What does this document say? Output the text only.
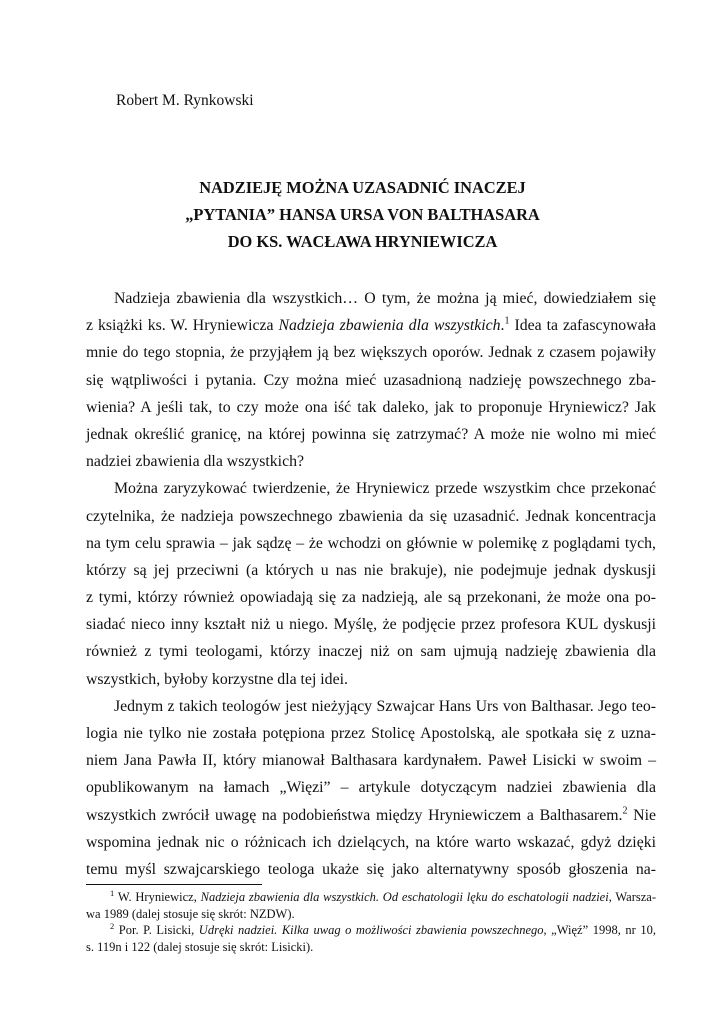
Robert M. Rynkowski
NADZIEJĘ MOŻNA UZASADNIĆ INACZEJ
„PYTANIA” HANSA URSA VON BALTHASARA
DO KS. WACŁAWA HRYNIEWICZA
Nadzieja zbawienia dla wszystkich… O tym, że można ją mieć, dowiedziałem się
z książki ks. W. Hryniewicza Nadzieja zbawienia dla wszystkich.$^1$ Idea ta zafascynowała
mnie do tego stopnia, że przyjąłem ją bez większych oporów. Jednak z czasem pojawiły
się wątpliwości i pytania. Czy można mieć uzasadnioną nadzieję powszechnego zba-
wienia? A jeśli tak, to czy może ona iść tak daleko, jak to proponuje Hryniewicz? Jak
jednak określić granicę, na której powinna się zatrzymać? A może nie wolno mi mieć
nadziei zbawienia dla wszystkich?
Można zaryzykować twierdzenie, że Hryniewicz przede wszystkim chce przekonać
czytelnika, że nadzieja powszechnego zbawienia da się uzasadnić. Jednak koncentracja
na tym celu sprawia – jak sądzę – że wchodzi on głównie w polemikę z poglądami tych,
którzy są jej przeciwni (a których u nas nie brakuje), nie podejmuje jednak dyskusji
z tymi, którzy również opowiadają się za nadzieją, ale są przekonani, że może ona po-
siadać nieco inny kształt niż u niego. Myślę, że podjęcie przez profesora KUL dyskusji
również z tymi teologami, którzy inaczej niż on sam ujmują nadzieję zbawienia dla
wszystkich, byłoby korzystne dla tej idei.
Jednym z takich teologów jest nieżyjący Szwajcar Hans Urs von Balthasar. Jego teo-
logia nie tylko nie została potępiona przez Stolicę Apostolską, ale spotkała się z uzna-
niem Jana Pawła II, który mianował Balthasara kardynałem. Paweł Lisicki w swoim –
opublikowanym na łamach „Więzi” – artykule dotyczącym nadziei zbawienia dla
wszystkich zwrócił uwagę na podobieństwa między Hryniewiczem a Balthasarem.$^2$ Nie
wspomina jednak nic o różnicach ich dzielących, na które warto wskazać, gdyż dzięki
temu myśl szwajcarskiego teologa ukaże się jako alternatywny sposób głoszenia na-
$^1$ W. Hryniewicz, Nadzieja zbawienia dla wszystkich. Od eschatologii lęku do eschatologii nadziei, Warsza-
wa 1989 (dalej stosuje się skrót: NZDW).
$^2$ Por. P. Lisicki, Udręki nadziei. Kilka uwag o możliwości zbawienia powszechnego, „Więź” 1998, nr 10,
s. 119n i 122 (dalej stosuje się skrót: Lisicki).
